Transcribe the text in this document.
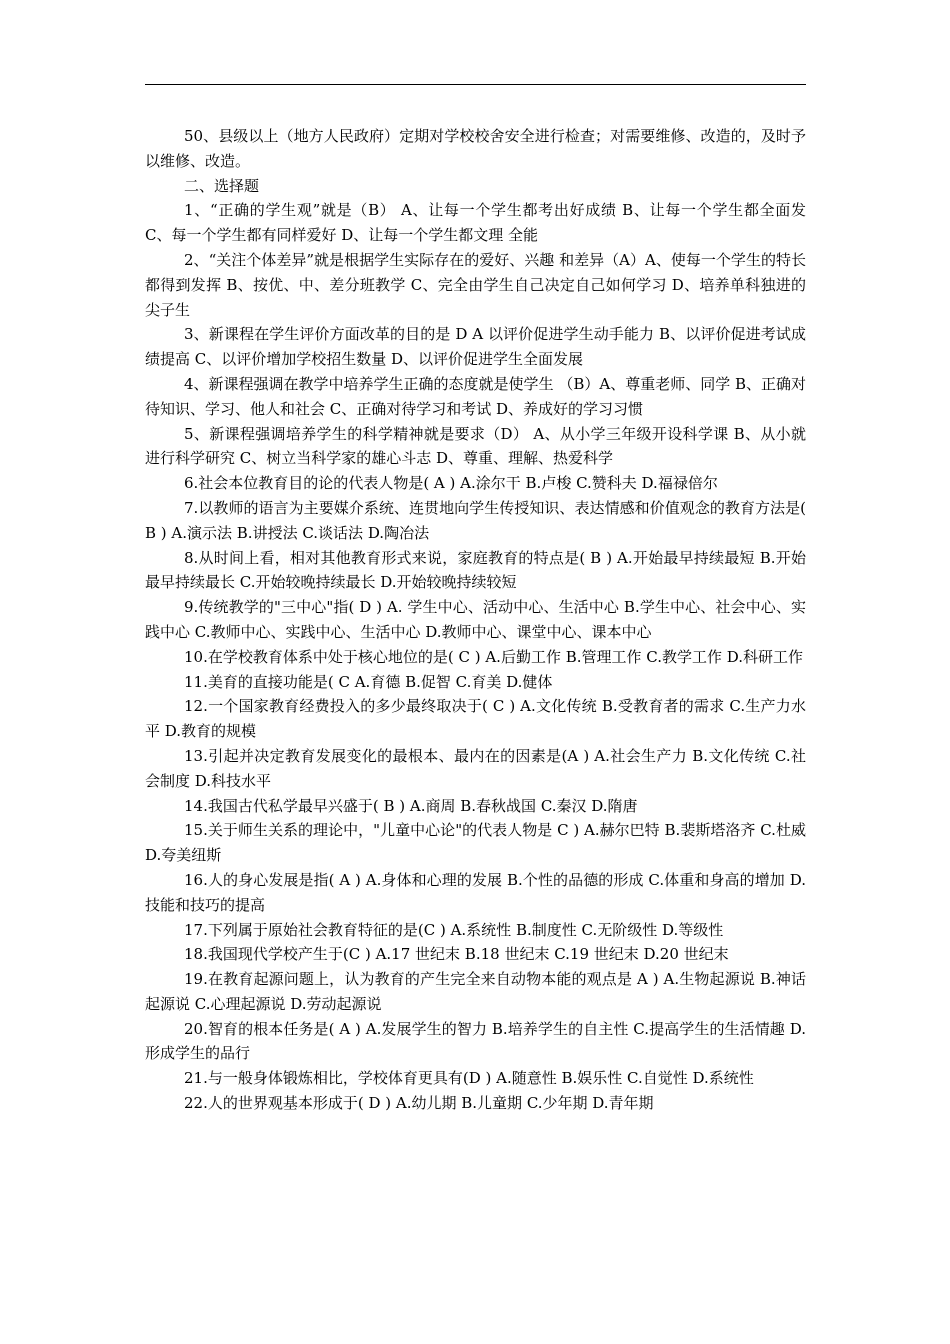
50、县级以上（地方人民政府）定期对学校校舍安全进行检查；对需要维修、改造的，及时予以维修、改造。

二、选择题

1、“正确的学生观”就是（B） A、让每一个学生都考出好成绩 B、让每一个学生都全面发 C、每一个学生都有同样爱好 D、让每一个学生都文理 全能

2、“关注个体差异”就是根据学生实际存在的爱好、兴趣 和差异（A）A、使每一个学生的特长都得到发挥 B、按优、中、差分班教学 C、完全由学生自己决定自己如何学习 D、培养单科独进的尖子生

3、新课程在学生评价方面改革的目的是 D A 以评价促进学生动手能力 B、以评价促进考试成绩提高 C、以评价增加学校招生数量 D、以评价促进学生全面发展

4、新课程强调在教学中培养学生正确的态度就是使学生 （B）A、尊重老师、同学 B、正确对待知识、学习、他人和社会 C、正确对待学习和考试 D、养成好的学习习惯

5、新课程强调培养学生的科学精神就是要求（D） A、从小学三年级开设科学课 B、从小就进行科学研究 C、树立当科学家的雄心斗志 D、尊重、理解、热爱科学

6.社会本位教育目的论的代表人物是( A ) A.涂尔干 B.卢梭 C.赞科夫 D.福禄倍尔

7.以教师的语言为主要媒介系统、连贯地向学生传授知识、表达情感和价值观念的教育方法是( B ) A.演示法 B.讲授法 C.谈话法 D.陶冶法

8.从时间上看，相对其他教育形式来说，家庭教育的特点是( B ) A.开始最早持续最短 B.开始最早持续最长 C.开始较晚持续最长 D.开始较晚持续较短

9.传统教学的"三中心"指( D ) A. 学生中心、活动中心、生活中心 B.学生中心、社会中心、实践中心 C.教师中心、实践中心、生活中心 D.教师中心、课堂中心、课本中心

10.在学校教育体系中处于核心地位的是( C ) A.后勤工作 B.管理工作 C.教学工作 D.科研工作

11.美育的直接功能是( C A.育德 B.促智 C.育美 D.健体

12.一个国家教育经费投入的多少最终取决于( C ) A.文化传统 B.受教育者的需求 C.生产力水平 D.教育的规模

13.引起并决定教育发展变化的最根本、最内在的因素是(A ) A.社会生产力 B.文化传统 C.社会制度 D.科技水平

14.我国古代私学最早兴盛于( B ) A.商周 B.春秋战国 C.秦汉 D.隋唐

15.关于师生关系的理论中，"儿童中心论"的代表人物是 C ) A.赫尔巴特 B.裴斯塔洛齐 C.杜威 D.夸美纽斯

16.人的身心发展是指( A ) A.身体和心理的发展 B.个性的品德的形成 C.体重和身高的增加 D.技能和技巧的提高

17.下列属于原始社会教育特征的是(C ) A.系统性 B.制度性 C.无阶级性 D.等级性

18.我国现代学校产生于(C ) A.17 世纪末 B.18 世纪末 C.19 世纪末 D.20 世纪末

19.在教育起源问题上，认为教育的产生完全来自动物本能的观点是 A ) A.生物起源说 B.神话起源说 C.心理起源说 D.劳动起源说

20.智育的根本任务是( A ) A.发展学生的智力 B.培养学生的自主性 C.提高学生的生活情趣 D.形成学生的品行

21.与一般身体锻炼相比，学校体育更具有(D ) A.随意性 B.娱乐性 C.自觉性 D.系统性

22.人的世界观基本形成于( D ) A.幼儿期 B.儿童期 C.少年期 D.青年期
